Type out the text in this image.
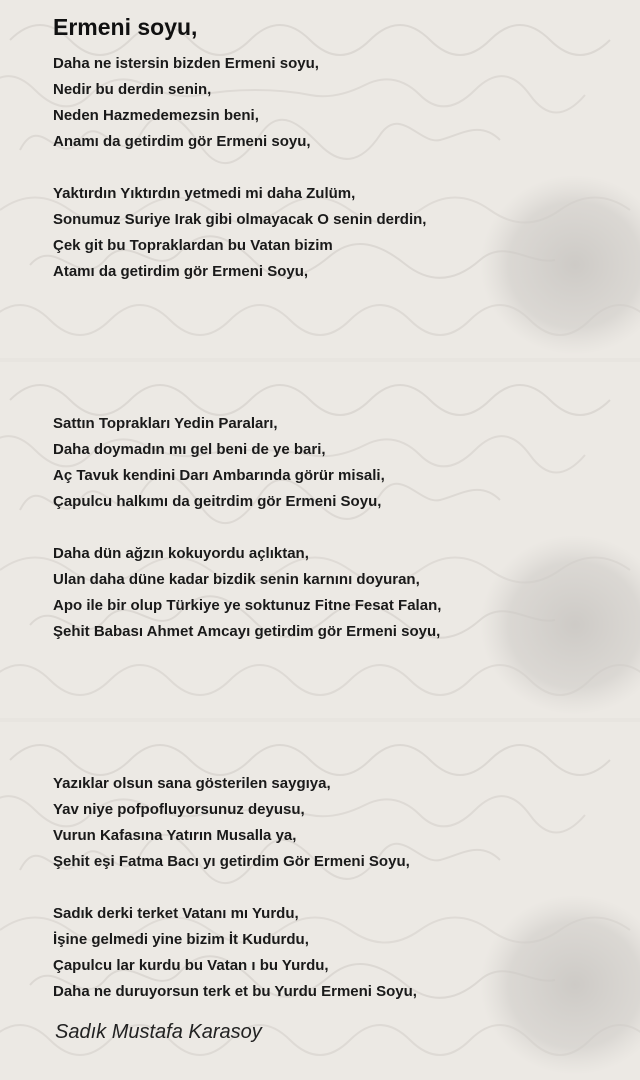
Ermeni soyu,
Daha ne istersin bizden Ermeni soyu,
Nedir bu derdin senin,
Neden Hazmedemezsin beni,
Anamı da getirdim gör Ermeni soyu,
Yaktırdın Yıktırdın yetmedi mi daha Zulüm,
Sonumuz Suriye Irak gibi olmayacak O senin derdin,
Çek git bu Topraklardan bu Vatan bizim
Atamı da getirdim gör Ermeni Soyu,
Sattın Toprakları Yedin Paraları,
Daha doymadın mı gel beni de ye bari,
Aç Tavuk kendini Darı Ambarında görür misali,
Çapulcu halkımı da geitrdim gör Ermeni Soyu,
Daha dün ağzın kokuyordu açlıktan,
Ulan daha düne kadar bizdik senin karnını doyuran,
Apo ile bir olup Türkiye ye soktunuz Fitne Fesat Falan,
Şehit Babası Ahmet Amcayı getirdim gör Ermeni soyu,
Yazıklar olsun sana gösterilen saygıya,
Yav niye pofpofluyorsunuz deyusu,
Vurun Kafasına Yatırın Musalla ya,
Şehit eşi Fatma Bacı yı getirdim Gör Ermeni Soyu,
Sadık derki terket Vatanı mı Yurdu,
İşine gelmedi yine bizim İt Kudurdu,
Çapulcu lar kurdu bu Vatan ı bu Yurdu,
Daha ne duruyorsun terk et bu Yurdu Ermeni Soyu,

Sadık Mustafa Karasoy
